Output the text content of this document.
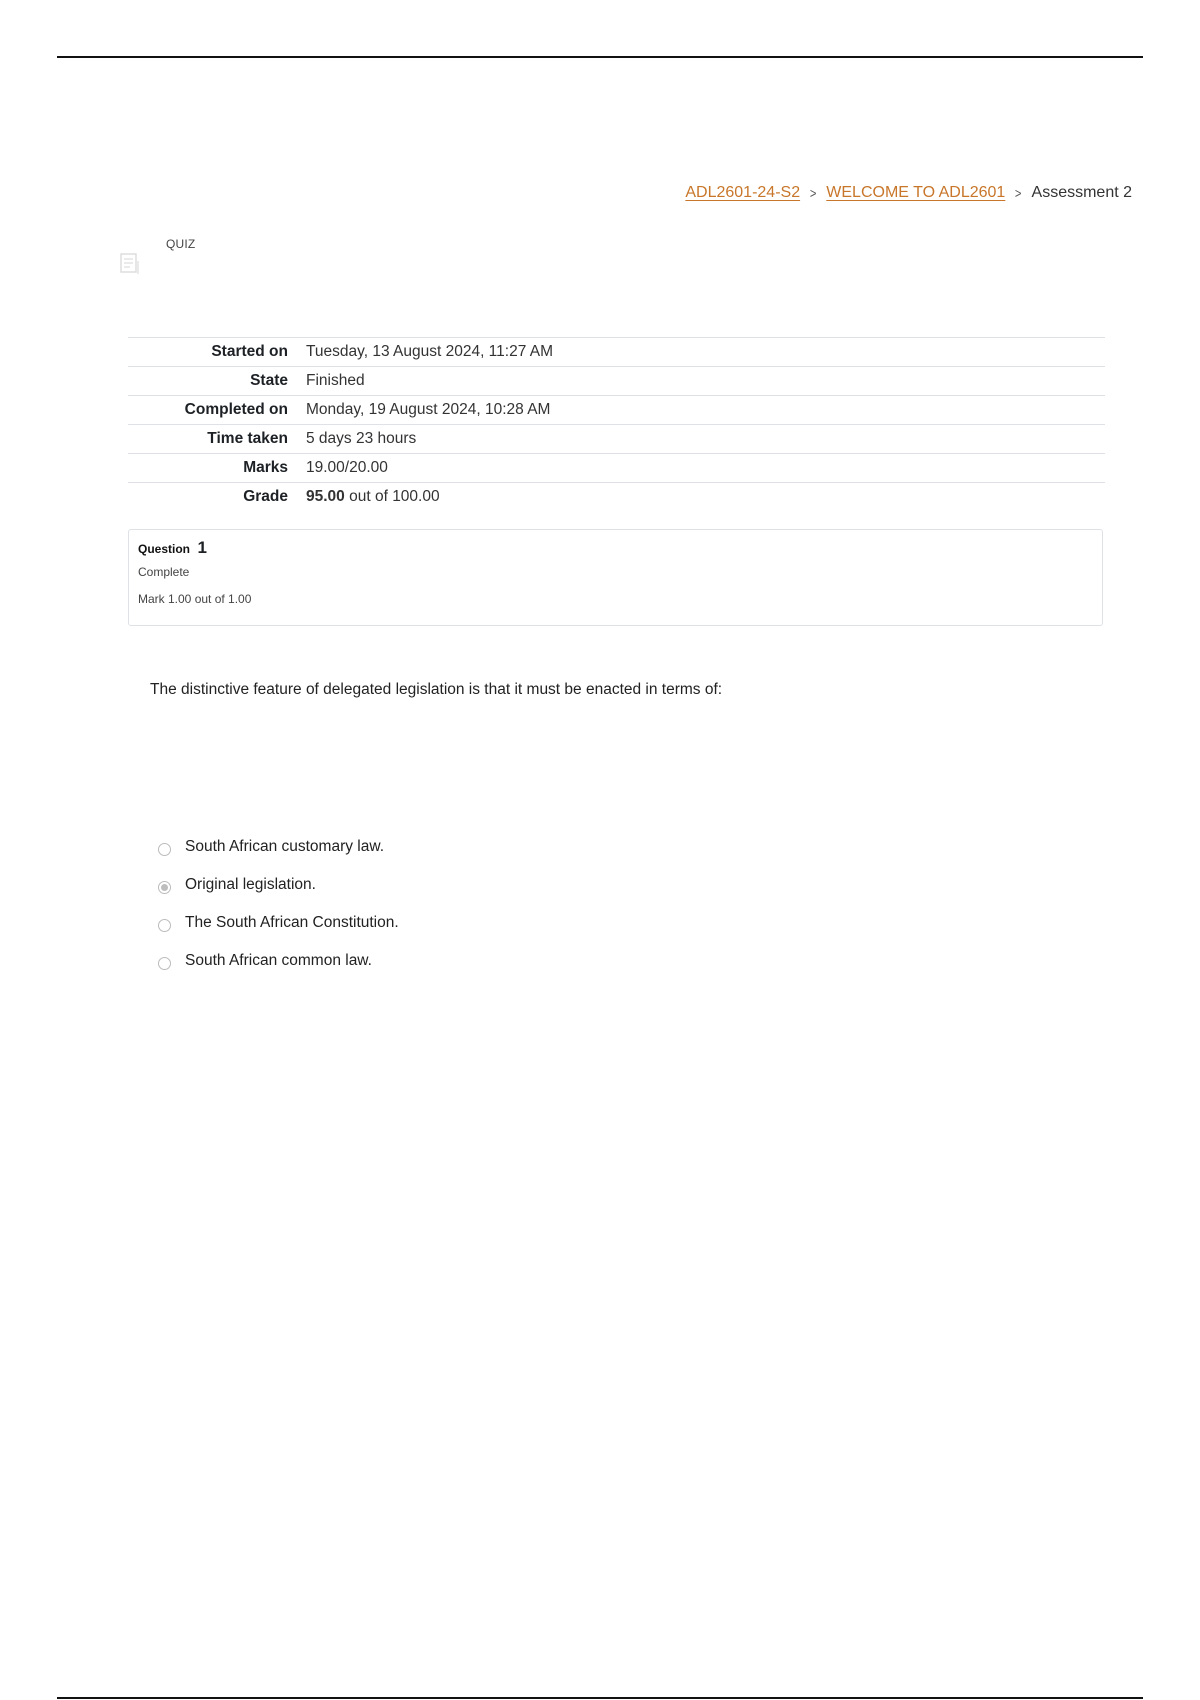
ADL2601-24-S2 > WELCOME TO ADL2601 > Assessment 2
QUIZ
Started on	Tuesday, 13 August 2024, 11:27 AM
State	Finished
Completed on	Monday, 19 August 2024, 10:28 AM
Time taken	5 days 23 hours
Marks	19.00/20.00
Grade	95.00 out of 100.00
Question 1
Complete
Mark 1.00 out of 1.00
The distinctive feature of delegated legislation is that it must be enacted in terms of:
South African customary law.
Original legislation.
The South African Constitution.
South African common law.
